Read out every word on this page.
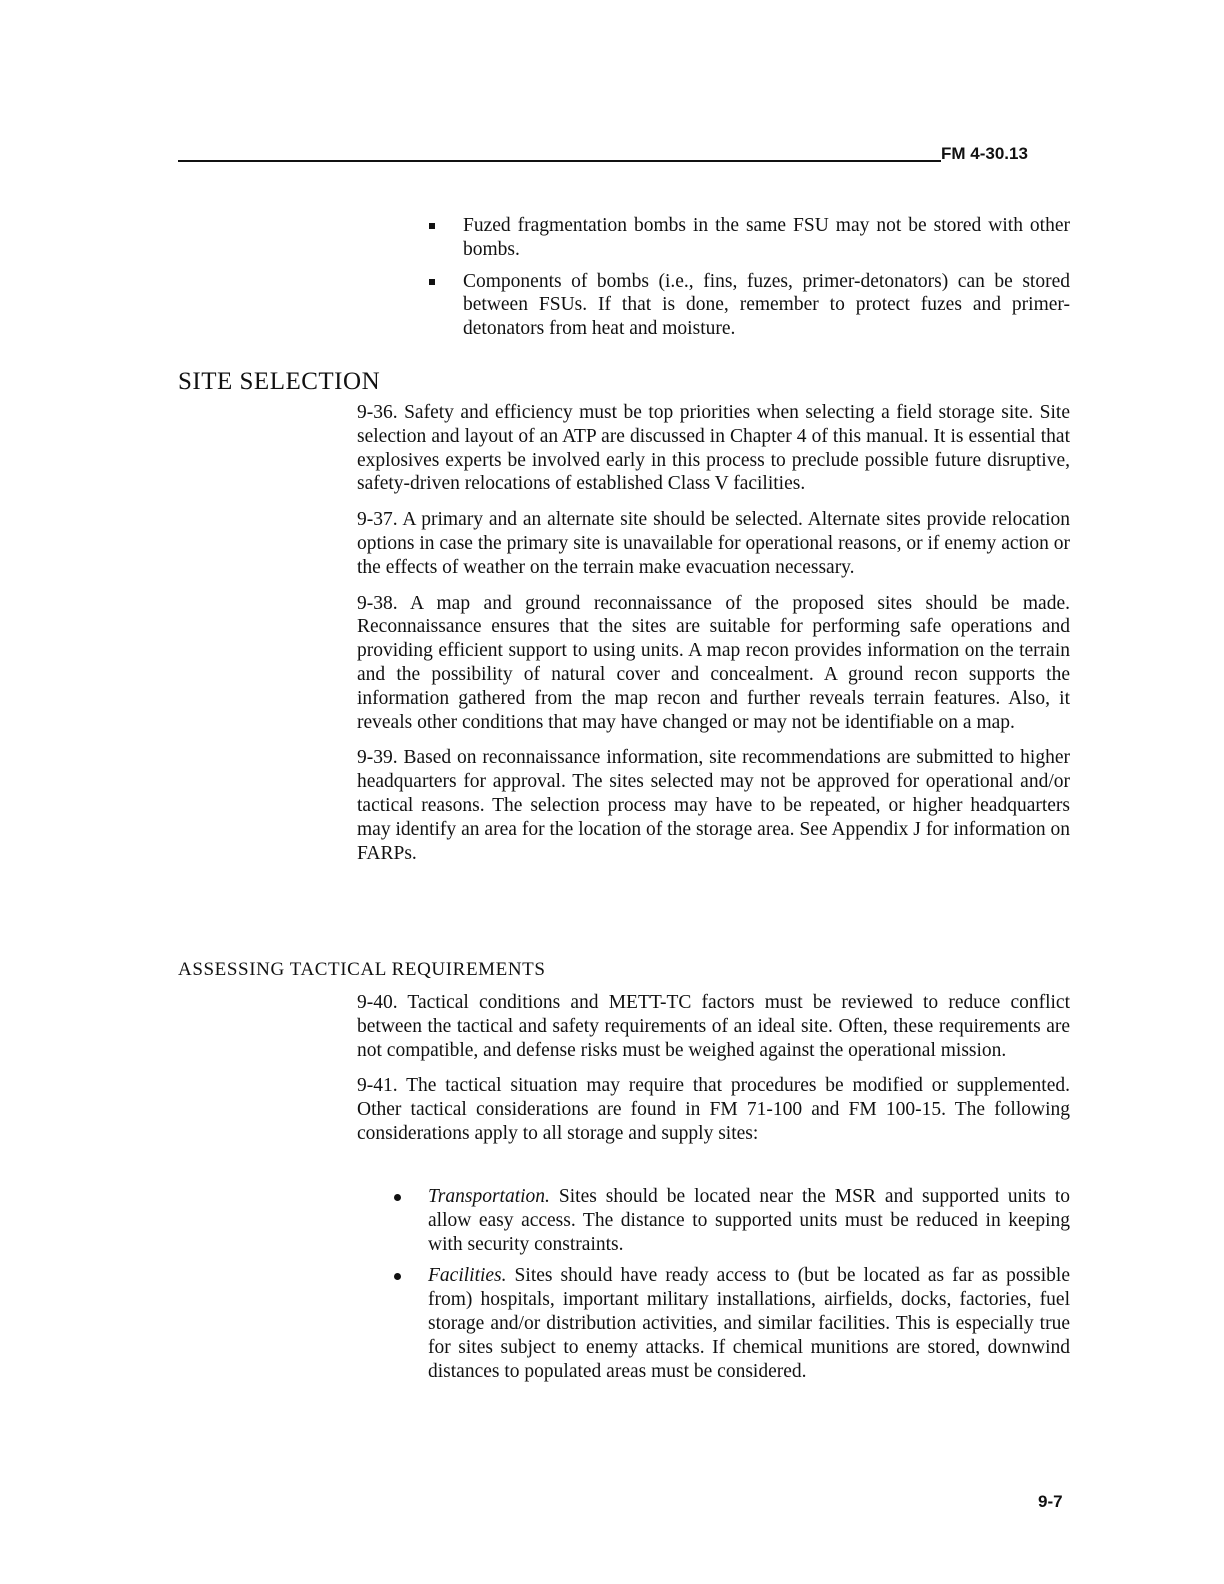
FM 4-30.13
Fuzed fragmentation bombs in the same FSU may not be stored with other bombs.
Components of bombs (i.e., fins, fuzes, primer-detonators) can be stored between FSUs. If that is done, remember to protect fuzes and primer-detonators from heat and moisture.
SITE SELECTION

9-36. Safety and efficiency must be top priorities when selecting a field storage site. Site selection and layout of an ATP are discussed in Chapter 4 of this manual. It is essential that explosives experts be involved early in this process to preclude possible future disruptive, safety-driven relocations of established Class V facilities.

9-37. A primary and an alternate site should be selected. Alternate sites provide relocation options in case the primary site is unavailable for operational reasons, or if enemy action or the effects of weather on the terrain make evacuation necessary.

9-38. A map and ground reconnaissance of the proposed sites should be made. Reconnaissance ensures that the sites are suitable for performing safe operations and providing efficient support to using units. A map recon provides information on the terrain and the possibility of natural cover and concealment. A ground recon supports the information gathered from the map recon and further reveals terrain features. Also, it reveals other conditions that may have changed or may not be identifiable on a map.

9-39. Based on reconnaissance information, site recommendations are submitted to higher headquarters for approval. The sites selected may not be approved for operational and/or tactical reasons. The selection process may have to be repeated, or higher headquarters may identify an area for the location of the storage area. See Appendix J for information on FARPs.

ASSESSING TACTICAL REQUIREMENTS

9-40. Tactical conditions and METT-TC factors must be reviewed to reduce conflict between the tactical and safety requirements of an ideal site. Often, these requirements are not compatible, and defense risks must be weighed against the operational mission.

9-41. The tactical situation may require that procedures be modified or supplemented. Other tactical considerations are found in FM 71-100 and FM 100-15. The following considerations apply to all storage and supply sites:

Transportation. Sites should be located near the MSR and supported units to allow easy access. The distance to supported units must be reduced in keeping with security constraints.
Facilities. Sites should have ready access to (but be located as far as possible from) hospitals, important military installations, airfields, docks, factories, fuel storage and/or distribution activities, and similar facilities. This is especially true for sites subject to enemy attacks. If chemical munitions are stored, downwind distances to populated areas must be considered.
9-7
